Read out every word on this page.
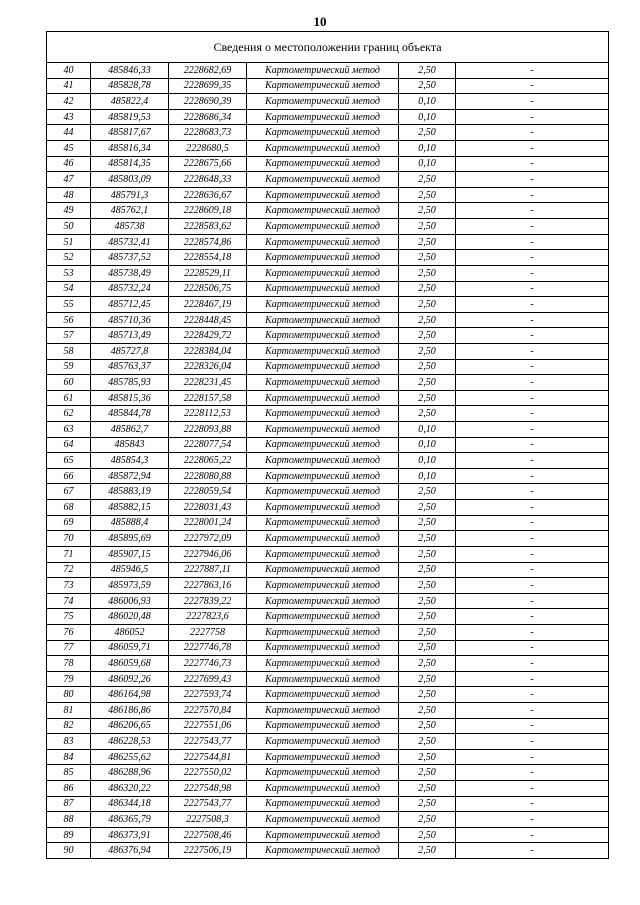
10
Сведения о местоположении границ объекта					
40	485846,33	2228682,69	Картометрический метод	2,50	-
41	485828,78	2228699,35	Картометрический метод	2,50	-
42	485822,4	2228690,39	Картометрический метод	0,10	-
43	485819,53	2228686,34	Картометрический метод	0,10	-
44	485817,67	2228683,73	Картометрический метод	2,50	-
45	485816,34	2228680,5	Картометрический метод	0,10	-
46	485814,35	2228675,66	Картометрический метод	0,10	-
47	485803,09	2228648,33	Картометрический метод	2,50	-
48	485791,3	2228636,67	Картометрический метод	2,50	-
49	485762,1	2228609,18	Картометрический метод	2,50	-
50	485738	2228583,62	Картометрический метод	2,50	-
51	485732,41	2228574,86	Картометрический метод	2,50	-
52	485737,52	2228554,18	Картометрический метод	2,50	-
53	485738,49	2228529,11	Картометрический метод	2,50	-
54	485732,24	2228506,75	Картометрический метод	2,50	-
55	485712,45	2228467,19	Картометрический метод	2,50	-
56	485710,36	2228448,45	Картометрический метод	2,50	-
57	485713,49	2228429,72	Картометрический метод	2,50	-
58	485727,8	2228384,04	Картометрический метод	2,50	-
59	485763,37	2228326,04	Картометрический метод	2,50	-
60	485785,93	2228231,45	Картометрический метод	2,50	-
61	485815,36	2228157,58	Картометрический метод	2,50	-
62	485844,78	2228112,53	Картометрический метод	2,50	-
63	485862,7	2228093,88	Картометрический метод	0,10	-
64	485843	2228077,54	Картометрический метод	0,10	-
65	485854,3	2228065,22	Картометрический метод	0,10	-
66	485872,94	2228080,88	Картометрический метод	0,10	-
67	485883,19	2228059,54	Картометрический метод	2,50	-
68	485882,15	2228031,43	Картометрический метод	2,50	-
69	485888,4	2228001,24	Картометрический метод	2,50	-
70	485895,69	2227972,09	Картометрический метод	2,50	-
71	485907,15	2227946,06	Картометрический метод	2,50	-
72	485946,5	2227887,11	Картометрический метод	2,50	-
73	485973,59	2227863,16	Картометрический метод	2,50	-
74	486006,93	2227839,22	Картометрический метод	2,50	-
75	486020,48	2227823,6	Картометрический метод	2,50	-
76	486052	2227758	Картометрический метод	2,50	-
77	486059,71	2227746,78	Картометрический метод	2,50	-
78	486059,68	2227746,73	Картометрический метод	2,50	-
79	486092,26	2227699,43	Картометрический метод	2,50	-
80	486164,98	2227593,74	Картометрический метод	2,50	-
81	486186,86	2227570,84	Картометрический метод	2,50	-
82	486206,65	2227551,06	Картометрический метод	2,50	-
83	486228,53	2227543,77	Картометрический метод	2,50	-
84	486255,62	2227544,81	Картометрический метод	2,50	-
85	486288,96	2227550,02	Картометрический метод	2,50	-
86	486320,22	2227548,98	Картометрический метод	2,50	-
87	486344,18	2227543,77	Картометрический метод	2,50	-
88	486365,79	2227508,3	Картометрический метод	2,50	-
89	486373,91	2227508,46	Картометрический метод	2,50	-
90	486376,94	2227506,19	Картометрический метод	2,50	-
